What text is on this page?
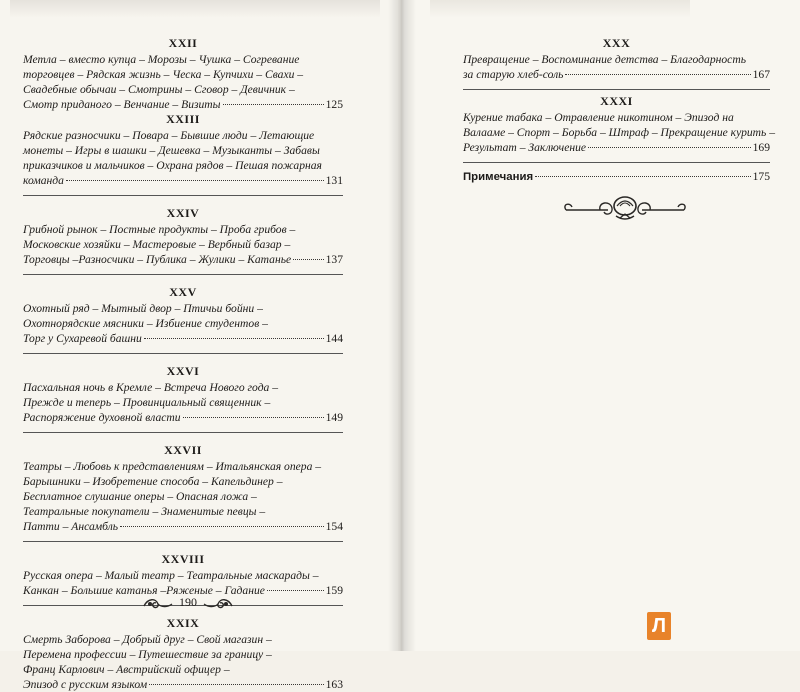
XXII
Метла – вместо купца – Морозы – Чушка – Согревание
торговцев – Рядская жизнь – Ческа – Купчихи – Свахи –
Свадебные обычаи – Смотрины – Сговор – Девичник –
Смотр приданого – Венчание – Визиты	125
XXIII
Рядские разносчики – Повара – Бывшие люди – Летающие
монеты – Игры в шашки – Дешевка – Музыканты – Забавы
приказчиков и мальчиков – Охрана рядов – Пешая пожарная
команда	131
XXIV
Грибной рынок – Постные продукты – Проба грибов –
Московские хозяйки – Мастеровые – Вербный базар –
Торговцы –Разносчики – Публика – Жулики – Катанье	137
XXV
Охотный ряд – Мытный двор – Птичьи бойни –
Охотнорядские мясники – Избиение студентов –
Торг у Сухаревой башни	144
XXVI
Пасхальная ночь в Кремле – Встреча Нового года –
Прежде и теперь – Провинциальный священник –
Распоряжение духовной власти	149
XXVII
Театры – Любовь к представлениям – Итальянская опера –
Барышники – Изобретение способа – Капельдинер –
Бесплатное слушание оперы – Опасная ложа –
Театральные покупатели – Знаменитые певцы –
Патти – Ансамбль	154
XXVIII
Русская опера – Малый театр – Театральные маскарады –
Канкан – Большие катанья –Ряженые – Гадание	159
XXIX
Смерть Заборова – Добрый друг – Свой магазин –
Перемена профессии – Путешествие за границу –
Франц Карлович – Австрийский офицер –
Эпизод с русским языком	163
190
XXX
Превращение – Воспоминание детства – Благодарность
за старую хлеб-соль	167
XXXI
Курение табака – Отравление никотином – Эпизод на
Валааме – Спорт – Борьба – Штраф – Прекращение курить –
Результат – Заключение	169
Примечания	175
Л
